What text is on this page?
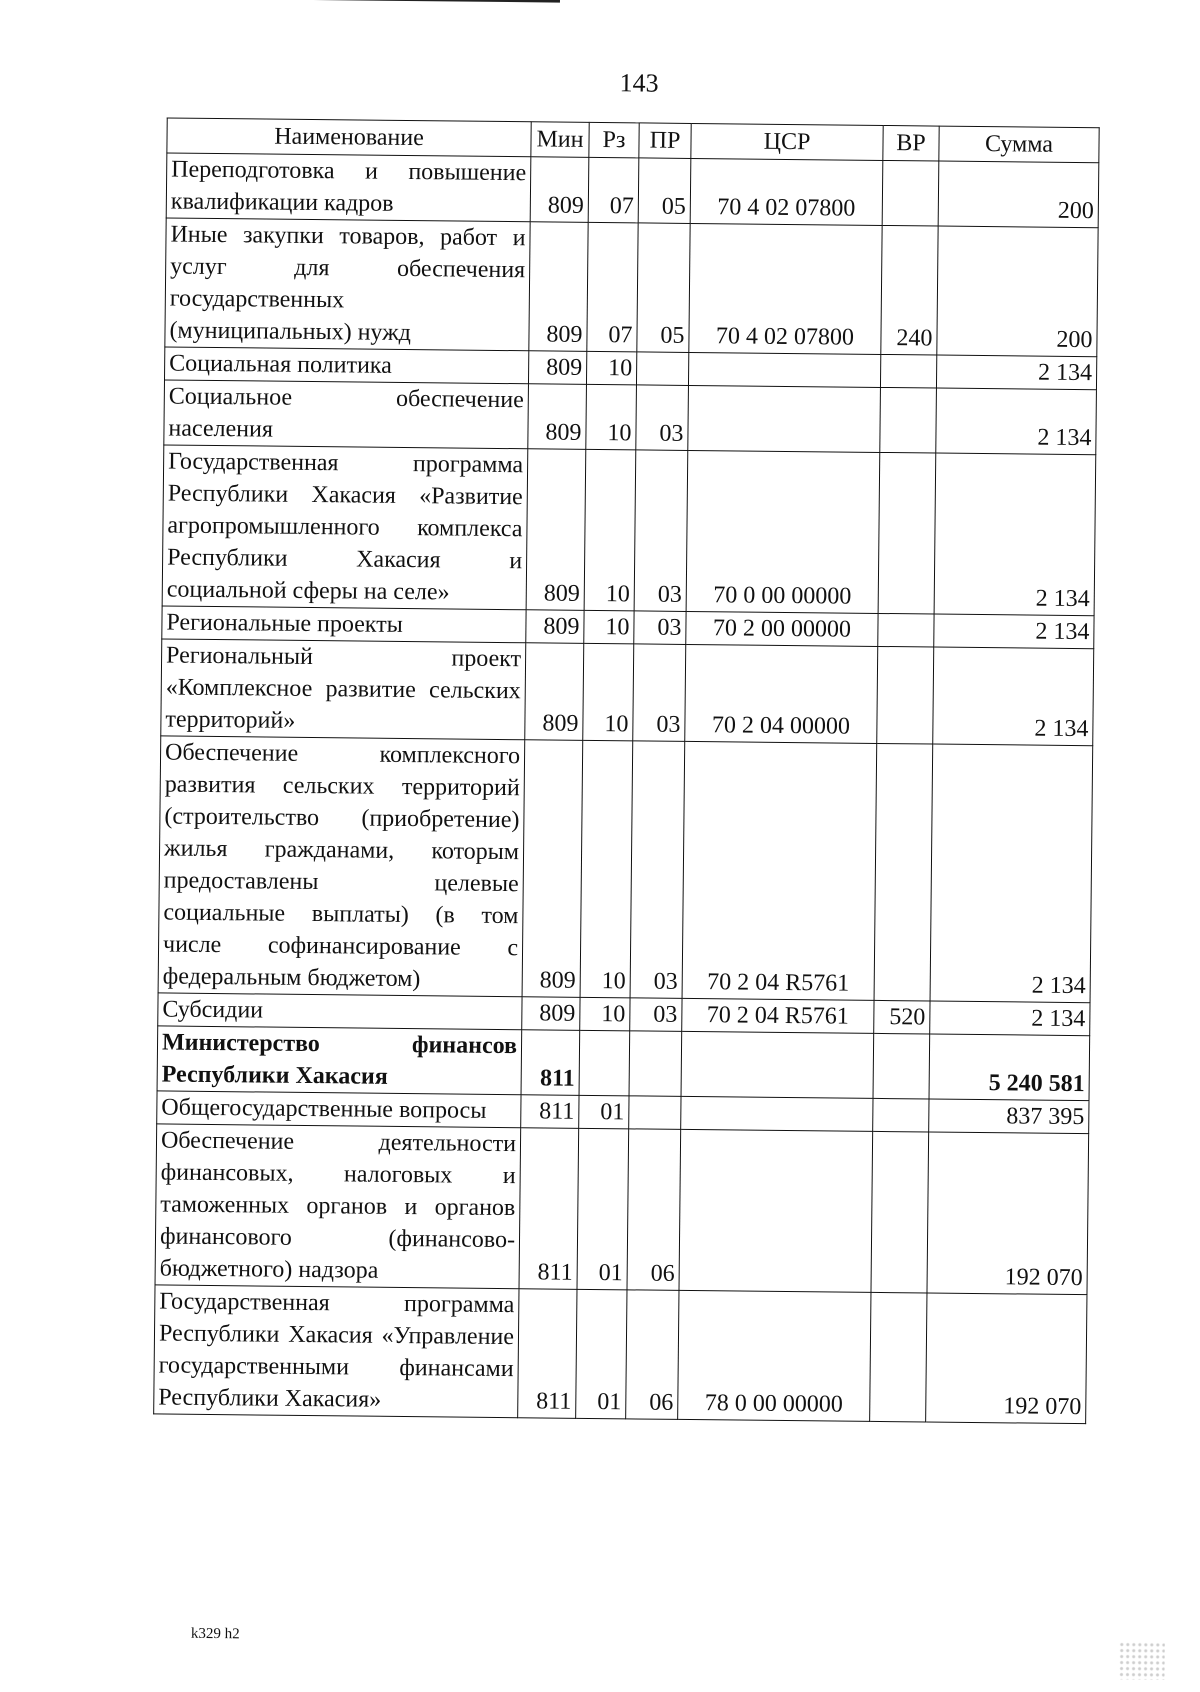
143
Наименование	Мин	Рз	ПР	ЦСР	ВР	Сумма
Переподготовка и повышение квалификации кадров	809	07	05	70 4 02 07800		200
Иные закупки товаров, работ и услуг для обеспечения государственных (муниципальных) нужд	809	07	05	70 4 02 07800	240	200
Социальная политика	809	10				2 134
Социальное обеспечение населения	809	10	03			2 134
Государственная программа Республики Хакасия «Развитие агропромышленного комплекса Республики Хакасия и социальной сферы на селе»	809	10	03	70 0 00 00000		2 134
Региональные проекты	809	10	03	70 2 00 00000		2 134
Региональный проект «Комплексное развитие сельских территорий»	809	10	03	70 2 04 00000		2 134
Обеспечение комплексного развития сельских территорий (строительство (приобретение) жилья гражданами, которым предоставлены целевые социальные выплаты) (в том числе софинансирование с федеральным бюджетом)	809	10	03	70 2 04 R5761		2 134
Субсидии	809	10	03	70 2 04 R5761	520	2 134
Министерство финансов Республики Хакасия	811					5 240 581
Общегосударственные вопросы	811	01				837 395
Обеспечение деятельности финансовых, налоговых и таможенных органов и органов финансового (финансово-бюджетного) надзора	811	01	06			192 070
Государственная программа Республики Хакасия «Управление государственными финансами Республики Хакасия»	811	01	06	78 0 00 00000		192 070
k329 h2
